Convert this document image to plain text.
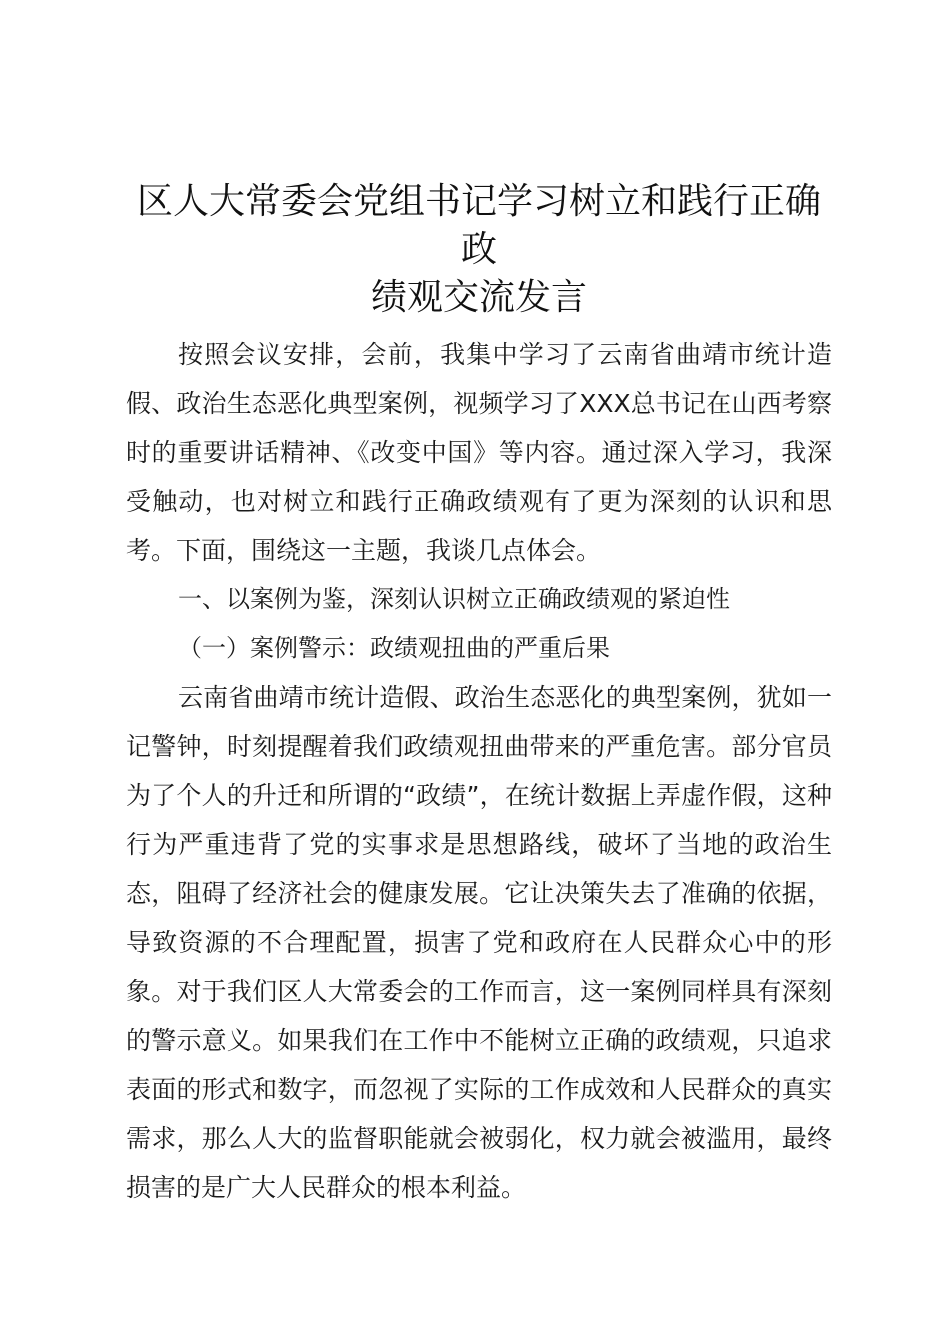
区人大常委会党组书记学习树立和践行正确政
绩观交流发言

按照会议安排，会前，我集中学习了云南省曲靖市统计造假、政治生态恶化典型案例，视频学习了XXX总书记在山西考察时的重要讲话精神、《改变中国》等内容。通过深入学习，我深受触动，也对树立和践行正确政绩观有了更为深刻的认识和思考。下面，围绕这一主题，我谈几点体会。

一、以案例为鉴，深刻认识树立正确政绩观的紧迫性

（一）案例警示：政绩观扭曲的严重后果

云南省曲靖市统计造假、政治生态恶化的典型案例，犹如一记警钟，时刻提醒着我们政绩观扭曲带来的严重危害。部分官员为了个人的升迁和所谓的“政绩”，在统计数据上弄虚作假，这种行为严重违背了党的实事求是思想路线，破坏了当地的政治生态，阻碍了经济社会的健康发展。它让决策失去了准确的依据，导致资源的不合理配置，损害了党和政府在人民群众心中的形象。对于我们区人大常委会的工作而言，这一案例同样具有深刻的警示意义。如果我们在工作中不能树立正确的政绩观，只追求表面的形式和数字，而忽视了实际的工作成效和人民群众的真实需求，那么人大的监督职能就会被弱化，权力就会被滥用，最终损害的是广大人民群众的根本利益。
